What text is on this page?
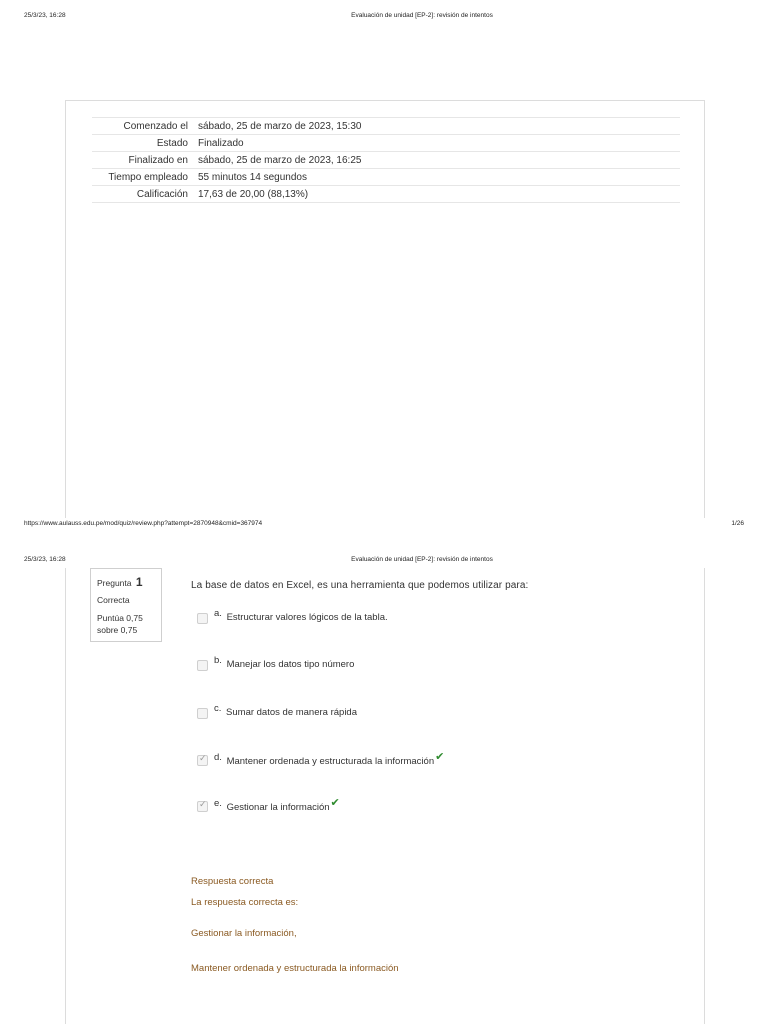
25/3/23, 16:28	Evaluación de unidad [EP-2]: revisión de intentos
Comenzado el	sábado, 25 de marzo de 2023, 15:30
Estado	Finalizado
Finalizado en	sábado, 25 de marzo de 2023, 16:25
Tiempo empleado	55 minutos 14 segundos
Calificación	17,63 de 20,00 (88,13%)
https://www.aulauss.edu.pe/mod/quiz/review.php?attempt=2870948&cmid=367974	1/26
25/3/23, 16:28	Evaluación de unidad [EP-2]: revisión de intentos
Pregunta 1
Correcta
Puntúa 0,75 sobre 0,75
La base de datos en Excel, es una herramienta que podemos utilizar para:
a. Estructurar valores lógicos de la tabla.
b. Manejar los datos tipo número
c. Sumar datos de manera rápida
✓d. Mantener ordenada y estructurada la información✔
✓e. Gestionar la información✔
Respuesta correcta
La respuesta correcta es:
Gestionar la información,
Mantener ordenada y estructurada la información
